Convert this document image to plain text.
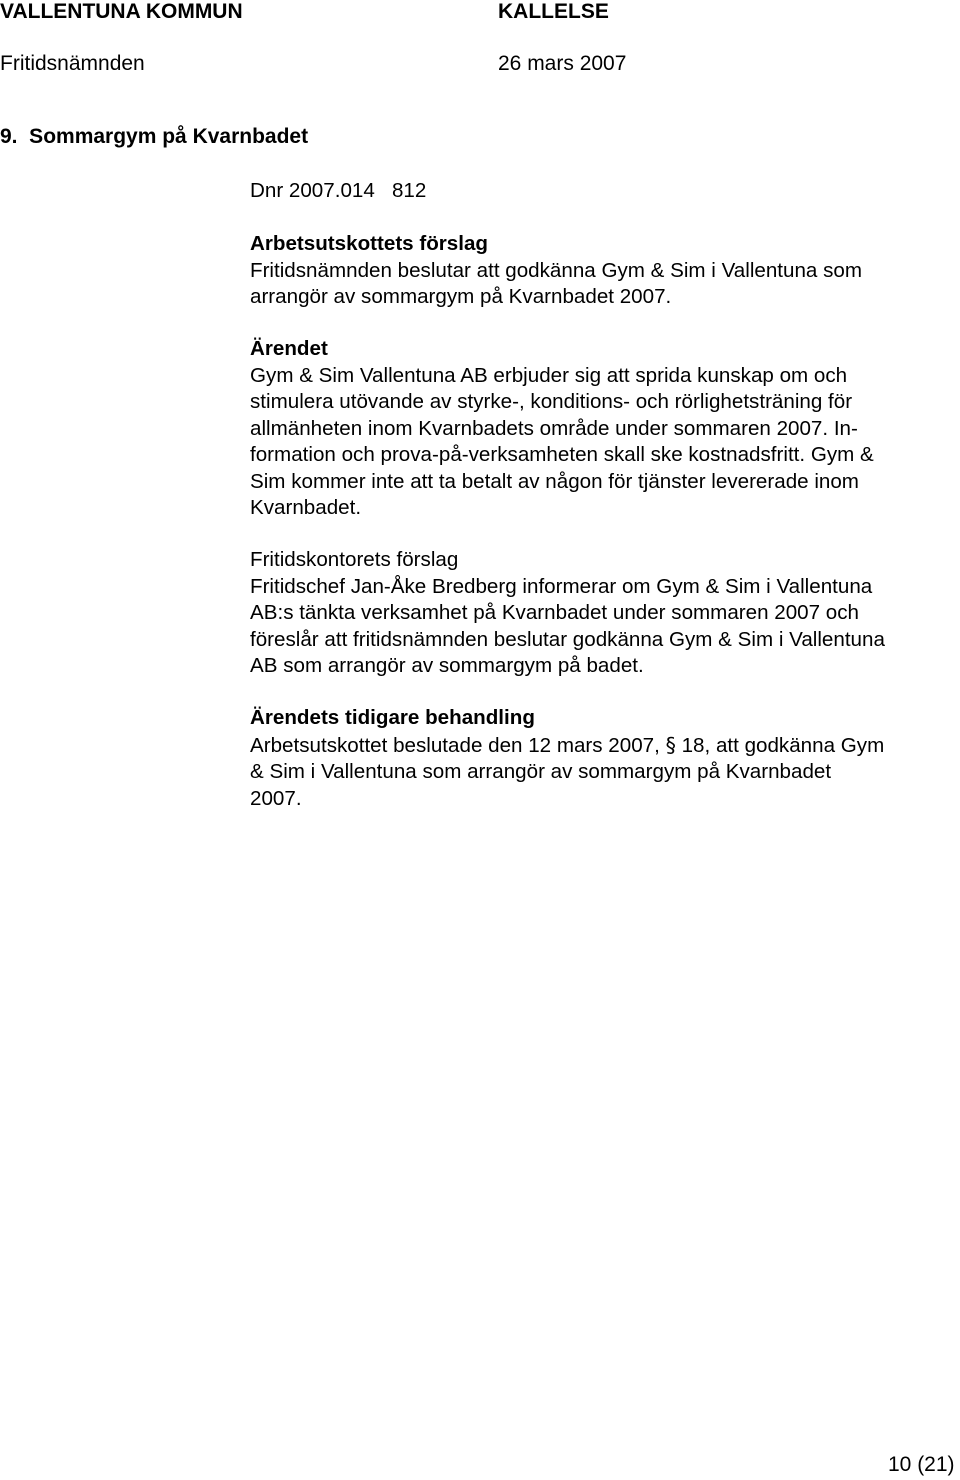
VALLENTUNA KOMMUN	KALLELSE
Fritidsnämnden	26 mars 2007
9.  Sommargym på Kvarnbadet
Dnr 2007.014   812
Arbetsutskottets förslag
Fritidsnämnden beslutar att godkänna Gym & Sim i Vallentuna som
arrangör av sommargym på Kvarnbadet 2007.
Ärendet
Gym & Sim Vallentuna AB erbjuder sig att sprida kunskap om och
stimulera utövande av styrke-, konditions- och rörlighetsträning för
allmänheten inom Kvarnbadets område under sommaren 2007. In-
formation och prova-på-verksamheten skall ske kostnadsfritt. Gym &
Sim kommer inte att ta betalt av någon för tjänster levererade inom
Kvarnbadet.
Fritidskontorets förslag
Fritidschef Jan-Åke Bredberg informerar om Gym & Sim i Vallentuna
AB:s tänkta verksamhet på Kvarnbadet under sommaren 2007 och
föreslår att fritidsnämnden beslutar godkänna Gym & Sim i Vallentuna
AB som arrangör av sommargym på badet.
Ärendets tidigare behandling
Arbetsutskottet beslutade den 12 mars 2007, § 18, att godkänna Gym
& Sim i Vallentuna som arrangör av sommargym på Kvarnbadet
2007.
10 (21)
